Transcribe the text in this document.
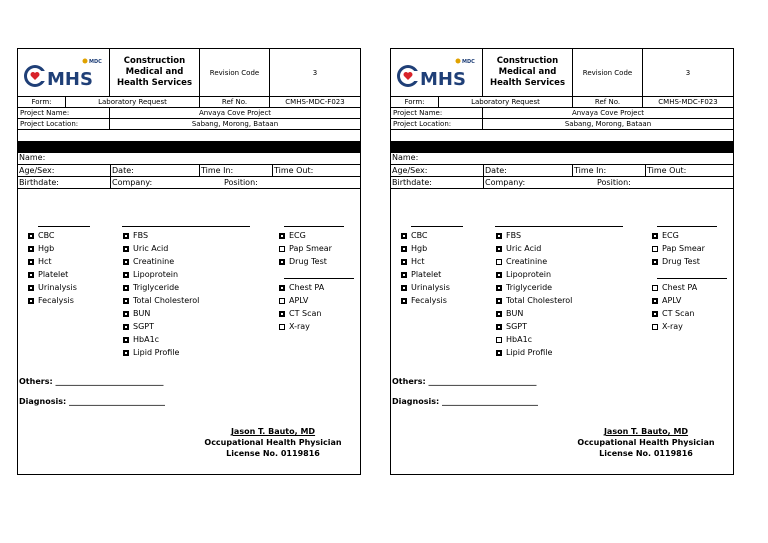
MHS
MDC	Construction Medical and Health Services
Revision Code	3
Form:	Laboratory Request	Ref No.	CMHS-MDC-F023
Project Name:	Anvaya Cove Project
Project Location:	Sabang, Morong, Bataan
Name:
Age/Sex:	Date:	Time In:	Time Out:
Birthdate:	Company:	Position:
CBC
Hgb
Hct
Platelet
Urinalysis
Fecalysis
FBS
Uric Acid
Creatinine
Lipoprotein
Triglyceride
Total Cholesterol
BUN
SGPT
HbA1c
Lipid Profile
ECG
Pap Smear
Drug Test
Chest PA
APLV
CT Scan
X-ray
Others: ___________________________
Diagnosis: ________________________
Jason T. Bauto, MD
Occupational Health Physician
License No. 0119816
MHS
MDC	Construction Medical and Health Services
Revision Code	3
Form:	Laboratory Request	Ref No.	CMHS-MDC-F023
Project Name:	Anvaya Cove Project
Project Location:	Sabang, Morong, Bataan
Name:
Age/Sex:	Date:	Time In:	Time Out:
Birthdate:	Company:	Position:
CBC
Hgb
Hct
Platelet
Urinalysis
Fecalysis
FBS
Uric Acid
Creatinine
Lipoprotein
Triglyceride
Total Cholesterol
BUN
SGPT
HbA1c
Lipid Profile
ECG
Pap Smear
Drug Test
Chest PA
APLV
CT Scan
X-ray
Others: ___________________________
Diagnosis: ________________________
Jason T. Bauto, MD
Occupational Health Physician
License No. 0119816
